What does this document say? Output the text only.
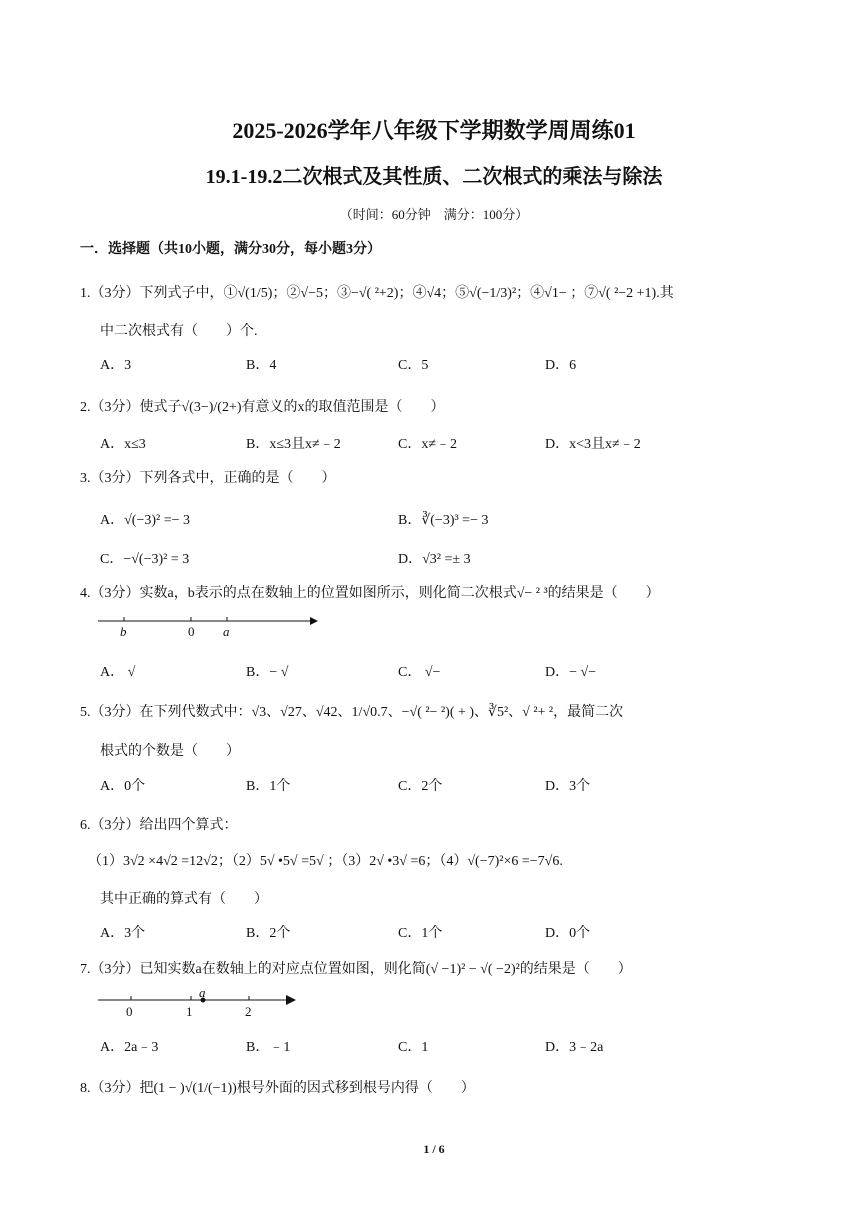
2025-2026学年八年级下学期数学周周练01
19.1-19.2二次根式及其性质、二次根式的乘法与除法
（时间：60分钟　满分：100分）
一．选择题（共10小题，满分30分，每小题3分）
1.（3分）下列式子中，①√(1/5)；②√−5；③−√( ²+2)；④√4；⑤√(−1/3)²；④√1− ；⑦√( ²−2 +1).其
中二次根式有（　　）个.
A．3	B．4	C．5	D．6
2.（3分）使式子√(3−)/(2+)有意义的x的取值范围是（　　）
A．x≤3	B．x≤3且x≠﹣2	C．x≠﹣2	D．x<3且x≠﹣2
3.（3分）下列各式中，正确的是（　　）
A．√(−3)² =− 3	B．∛(−3)³ =− 3
C．−√(−3)² = 3	D．√3² =± 3
4.（3分）实数a，b表示的点在数轴上的位置如图所示，则化简二次根式√− ² ³的结果是（　　）
b	0 a
A． √	B．− √	C． √−	D．− √−
5.（3分）在下列代数式中：√3、√27、√42、1/√0.7、−√( ²− ²)( + )、∛5²、√ ²+ ²，最简二次
根式的个数是（　　）
A．0个	B．1个	C．2个	D．3个
6.（3分）给出四个算式：
（1）3√2 ×4√2 =12√2；（2）5√ •5√ =5√ ；（3）2√ •3√ =6；（4）√(−7)²×6 =−7√6.
其中正确的算式有（　　）
A．3个	B．2个	C．1个	D．0个
7.（3分）已知实数a在数轴上的对应点位置如图，则化简(√ −1)² − √( −2)²的结果是（　　）
0	1	2
a
A．2a﹣3	B．﹣1	C．1	D．3﹣2a
8.（3分）把(1 − )√(1/(−1))根号外面的因式移到根号内得（　　）
1 / 6
